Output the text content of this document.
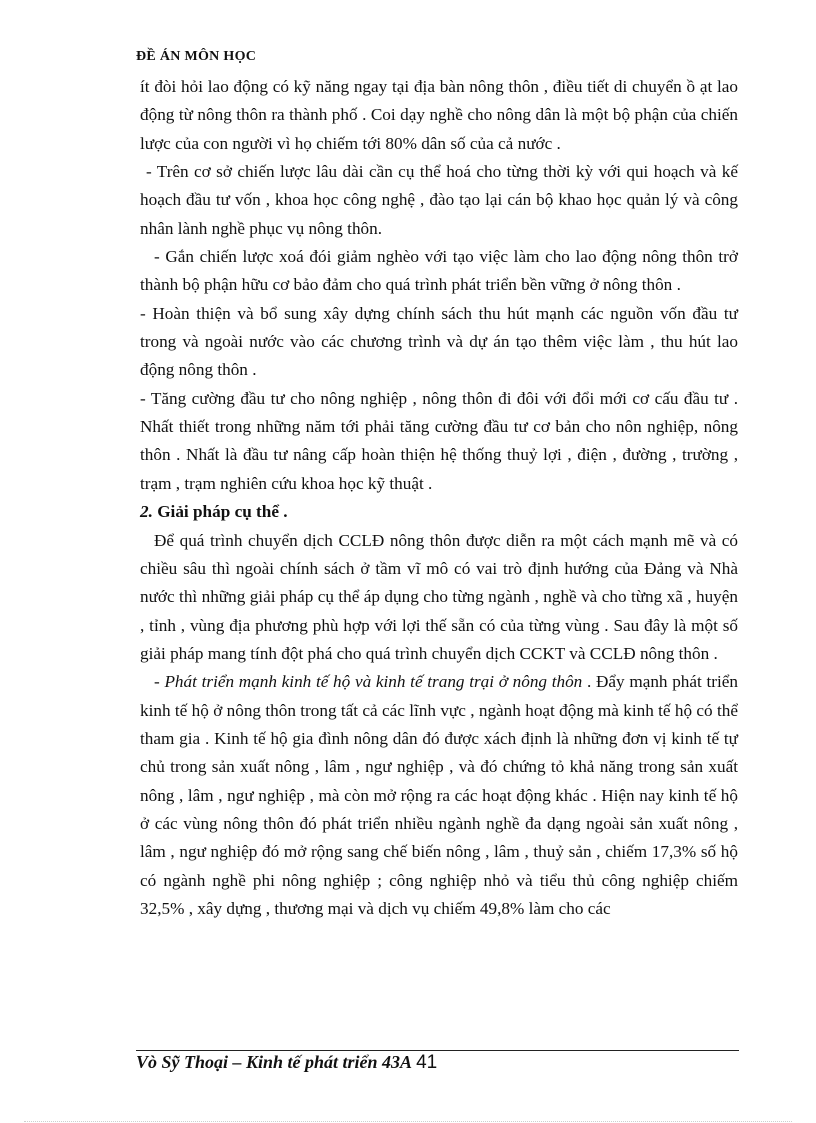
ĐỀ ÁN MÔN HỌC

ít đòi hỏi lao động có kỹ năng ngay tại địa bàn nông thôn , điều tiết di chuyển ồ ạt lao động từ nông thôn ra thành phố . Coi dạy nghề cho nông dân là một bộ phận của chiến lược của con người vì họ chiếm tới 80% dân số của cả nước .

- Trên cơ sở chiến lược lâu dài cần cụ thể hoá cho từng thời kỳ với qui hoạch và kế hoạch đầu tư vốn , khoa học công nghệ , đào tạo lại cán bộ khao học quản lý và công nhân lành nghề phục vụ nông thôn.

- Gắn chiến lược xoá đói giảm nghèo với tạo việc làm cho lao động nông thôn trở thành bộ phận hữu cơ bảo đảm cho quá trình phát triển bền vững ở nông thôn .

- Hoàn thiện và bổ sung xây dựng chính sách thu hút mạnh các nguồn vốn đầu tư trong và ngoài nước vào các chương trình và dự án tạo thêm việc làm , thu hút lao động nông thôn .

- Tăng cường đầu tư cho nông nghiệp , nông thôn đi đôi với đổi mới cơ cấu đầu tư . Nhất thiết trong những năm tới phải tăng cường đầu tư cơ bản cho nôn nghiệp, nông thôn . Nhất là đầu tư nâng cấp hoàn thiện hệ thống thuỷ lợi , điện , đường , trường , trạm , trạm nghiên cứu khoa học kỹ thuật .

2. Giải pháp cụ thể .

Để quá trình chuyển dịch CCLĐ nông thôn được diễn ra một cách mạnh mẽ và có chiều sâu thì ngoài chính sách ở tầm vĩ mô có vai trò định hướng của Đảng và Nhà nước thì những giải pháp cụ thể áp dụng cho từng ngành , nghề và cho từng xã , huyện , tỉnh , vùng địa phương phù hợp với lợi thế sẵn có của từng vùng . Sau đây là một số giải pháp mang tính đột phá cho quá trình chuyển dịch CCKT và CCLĐ nông thôn .

- Phát triển mạnh kinh tế hộ và kinh tế trang trại ở nông thôn . Đẩy mạnh phát triển kinh tế hộ ở nông thôn trong tất cả các lĩnh vực , ngành hoạt động mà kinh tế hộ có thể tham gia . Kinh tế hộ gia đình nông dân đó được xách định là những đơn vị kinh tế tự chủ trong sản xuất nông , lâm , ngư nghiệp , và đó chứng tỏ khả năng trong sản xuất nông , lâm , ngư nghiệp , mà còn mở rộng ra các hoạt động khác . Hiện nay kinh tế hộ ở các vùng nông thôn đó phát triển nhiều ngành nghề đa dạng ngoài sản xuất nông , lâm , ngư nghiệp đó mở rộng sang chế biến nông , lâm , thuỷ sản , chiếm 17,3% số hộ có ngành nghề phi nông nghiệp ; công nghiệp nhỏ và tiểu thủ công nghiệp chiếm 32,5% , xây dựng , thương mại và dịch vụ chiếm 49,8% làm cho các

Vò Sỹ Thoại – Kinh tế phát triển 43A 41
